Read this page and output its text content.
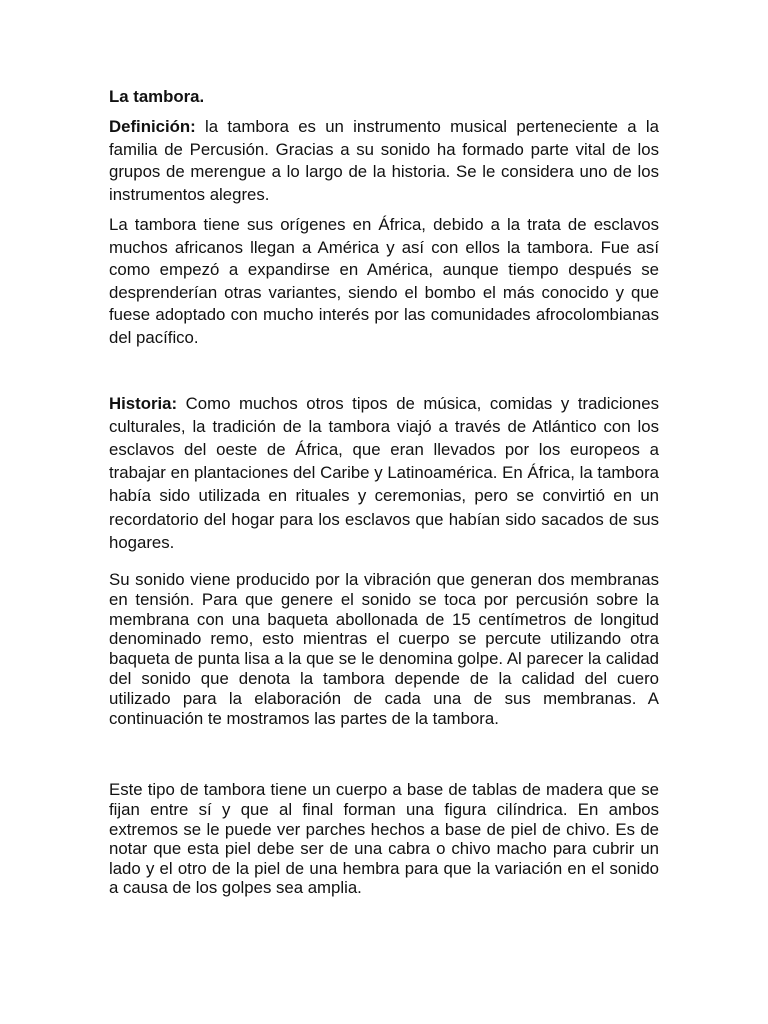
La tambora.

Definición: la tambora es un instrumento musical perteneciente a la familia de Percusión. Gracias a su sonido ha formado parte vital de los grupos de merengue a lo largo de la historia. Se le considera uno de los instrumentos alegres.

La tambora tiene sus orígenes en África, debido a la trata de esclavos muchos africanos llegan a América y así con ellos la tambora. Fue así como empezó a expandirse en América, aunque tiempo después se desprenderían otras variantes, siendo el bombo el más conocido y que fuese adoptado con mucho interés por las comunidades afrocolombianas del pacífico.

Historia: Como muchos otros tipos de música, comidas y tradiciones culturales, la tradición de la tambora viajó a través de Atlántico con los esclavos del oeste de África, que eran llevados por los europeos a trabajar en plantaciones del Caribe y Latinoamérica. En África, la tambora había sido utilizada en rituales y ceremonias, pero se convirtió en un recordatorio del hogar para los esclavos que habían sido sacados de sus hogares.

Su sonido viene producido por la vibración que generan dos membranas en tensión. Para que genere el sonido se toca por percusión sobre la membrana con una baqueta abollonada de 15 centímetros de longitud denominado remo, esto mientras el cuerpo se percute utilizando otra baqueta de punta lisa a la que se le denomina golpe. Al parecer la calidad del sonido que denota la tambora depende de la calidad del cuero utilizado para la elaboración de cada una de sus membranas. A continuación te mostramos las partes de la tambora.

Este tipo de tambora tiene un cuerpo a base de tablas de madera que se fijan entre sí y que al final forman una figura cilíndrica. En ambos extremos se le puede ver parches hechos a base de piel de chivo. Es de notar que esta piel debe ser de una cabra o chivo macho para cubrir un lado y el otro de la piel de una hembra para que la variación en el sonido a causa de los golpes sea amplia.
